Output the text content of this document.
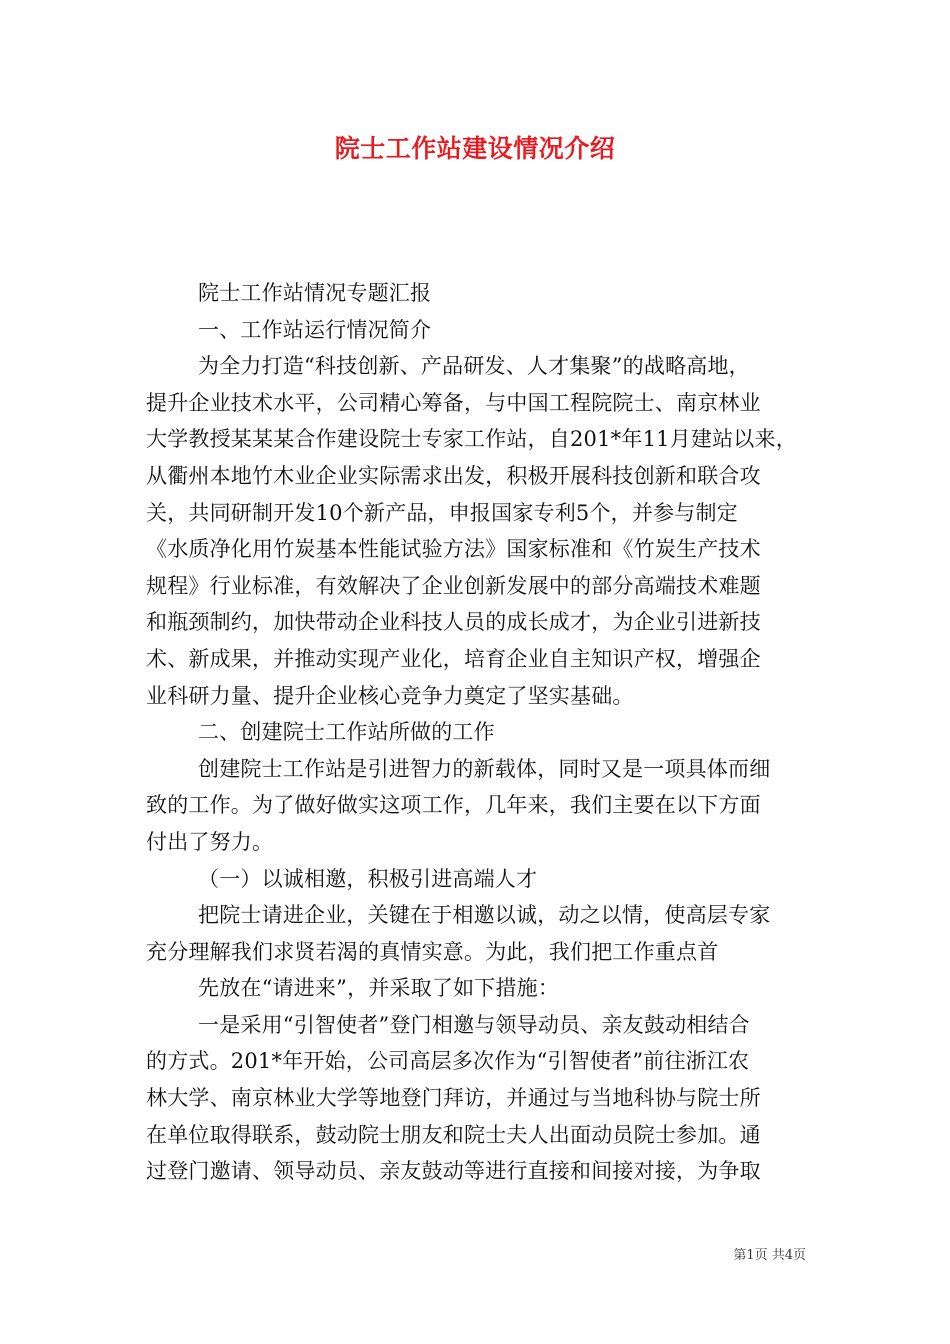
院士工作站建设情况介绍
院士工作站情况专题汇报
一、工作站运行情况简介
为全力打造“科技创新、产品研发、人才集聚”的战略高地，
提升企业技术水平，公司精心筹备，与中国工程院院士、南京林业
大学教授某某某合作建设院士专家工作站，自201*年11月建站以来，
从衢州本地竹木业企业实际需求出发，积极开展科技创新和联合攻
关，共同研制开发10个新产品，申报国家专利5个，并参与制定
《水质净化用竹炭基本性能试验方法》国家标准和《竹炭生产技术
规程》行业标准，有效解决了企业创新发展中的部分高端技术难题
和瓶颈制约，加快带动企业科技人员的成长成才，为企业引进新技
术、新成果，并推动实现产业化，培育企业自主知识产权，增强企
业科研力量、提升企业核心竞争力奠定了坚实基础。
二、创建院士工作站所做的工作
创建院士工作站是引进智力的新载体，同时又是一项具体而细
致的工作。为了做好做实这项工作，几年来，我们主要在以下方面
付出了努力。
（一）以诚相邀，积极引进高端人才
把院士请进企业，关键在于相邀以诚，动之以情，使高层专家
充分理解我们求贤若渴的真情实意。为此，我们把工作重点首
先放在“请进来”，并采取了如下措施：
一是采用“引智使者”登门相邀与领导动员、亲友鼓动相结合
的方式。201*年开始，公司高层多次作为“引智使者”前往浙江农
林大学、南京林业大学等地登门拜访，并通过与当地科协与院士所
在单位取得联系，鼓动院士朋友和院士夫人出面动员院士参加。通
过登门邀请、领导动员、亲友鼓动等进行直接和间接对接，为争取
第1页 共4页
